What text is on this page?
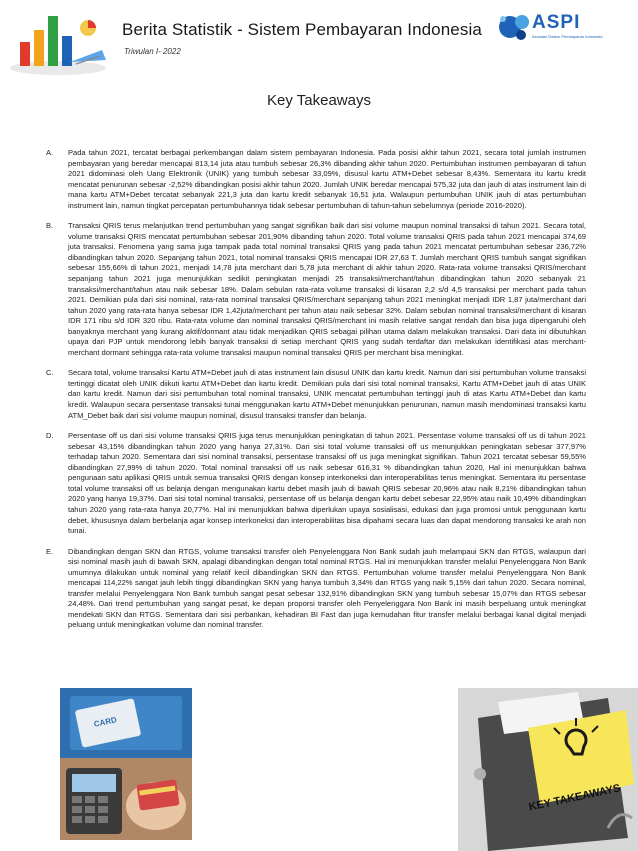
Berita Statistik - Sistem Pembayaran Indonesia
Triwulan I- 2022
ASPI
Asosiasi Sistem Pembayaran Indonesia
Key Takeaways
A.	Pada tahun 2021, tercatat berbagai perkembangan dalam sistem pembayaran Indonesia. Pada posisi akhir tahun 2021, secara total jumlah instrumen pembayaran yang beredar mencapai 813,14 juta atau tumbuh sebesar 26,3% dibanding akhir tahun 2020. Pertumbuhan instrumen pembayaran di tahun 2021 didominasi oleh Uang Elektronik (UNIK) yang tumbuh sebesar 33,09%, disusul kartu ATM+Debet sebesar 8,43%. Sementara itu kartu kredit mencatat penurunan sebesar -2,52% dibandingkan posisi akhir tahun 2020. Jumlah UNIK beredar mencapai 575,32 juta dan jauh di atas instrument lain di mana kartu ATM+Debet tercatat sebanyak 221,3 juta dan kartu kredit sebanyak 16,51 juta. Walaupun pertumbuhan UNIK jauh di atas pertumbuhan instrument lain, namun tingkat percepatan pertumbuhannya tidak sebesar pertumbuhan di tahun-tahun sebelumnya (periode 2016-2020).

B.	Transaksi QRIS terus melanjutkan trend pertumbuhan yang sangat signifikan baik dari sisi volume maupun nominal transaksi di tahun 2021. Secara total, volume transaksi QRIS mencatat pertumbuhan sebesar 201,90% dibanding tahun 2020. Total volume transaksi QRIS pada tahun 2021 mencapai 374,69 juta transaksi. Fenomena yang sama juga tampak pada total nominal transaksi QRIS yang pada tahun 2021 mencatat pertumbuhan sebesar 236,72% dibandingkan tahun 2020. Sepanjang tahun 2021, total nominal transaksi QRIS mencapai IDR 27,63 T. Jumlah merchant QRIS tumbuh sangat signifikan sebesar 155,66% di tahun 2021, menjadi 14,78 juta merchant dari 5,78 juta merchant di akhir tahun 2020. Rata-rata volume transaksi QRIS/merchant sepanjang tahun 2021 juga menunjukkan sedikit peningkatan menjadi 25 transaksi/merchant/tahun dibandingkan tahun 2020 sebanyak 21 transaksi/merchant/tahun atau naik sebesar 18%. Dalam sebulan rata-rata volume transaksi di kisaran 2,2 s/d 4,5 transaksi per merchant pada tahun 2021. Demikian pula dari sisi nominal, rata-rata nominal transaksi QRIS/merchant sepanjang tahun 2021 meningkat menjadi IDR 1,87 juta/merchant dari tahun 2020 yang rata-rata hanya sebesar IDR 1,42juta/merchant per tahun atau naik sebesar 32%. Dalam sebulan nominal transaksi/merchant di kisaran IDR 171 ribu s/d IDR 320 ribu. Rata-rata volume dan nominal transaksi QRIS/merchant ini masih relative sangat rendah dan bisa juga dipengaruhi oleh banyaknya merchant yang kurang aktif/dormant atau tidak menjadikan QRIS sebagai pilihan utama dalam melakukan transaksi. Dari data ini dibutuhkan upaya dari PJP untuk mendorong lebih banyak transaksi di setiap merchant QRIS yang sudah terdaftar dan melakukan identifikasi atas merchant-merchant dormant sehingga rata-rata volume transaksi maupun nominal transaksi QRIS per merchant bisa meningkat.

C.	Secara total, volume transaksi Kartu ATM+Debet jauh di atas instrument lain disusul UNIK dan kartu kredit. Namun dari sisi pertumbuhan volume transaksi tertinggi dicatat oleh UNIK diikuti kartu ATM+Debet dan kartu kredit. Demikian pula dari sisi total nominal transaksi, Kartu ATM+Debet jauh di atas UNIK dan kartu kredit. Namun dari sisi pertumbuhan total nominal transaksi, UNIK mencatat pertumbuhan tertinggi jauh di atas Kartu ATM+Debet dan kartu kredit. Walaupun secara persentase transaksi tunai menggunakan kartu ATM+Debet menunjukkan penurunan, namun masih mendominasi transaksi kartu ATM_Debet baik dari sisi volume maupun nominal, disusul transaksi transfer dan belanja.

D.	Persentase off us dari sisi volume transaksi QRIS juga terus menunjukkan peningkatan di tahun 2021. Persentase volume transaksi off us di tahun 2021 sebesar 43,15% dibandingkan tahun 2020 yang hanya 27,31%. Dari sisi total volume transaksi off us menunjukkan peningkatan sebesar 377,97% terhadap tahun 2020. Sementara dari sisi nominal transaksi, persentase transaksi off us juga meningkat signifikan. Tahun 2021 tercatat sebesar 59,55% dibandingkan 27,99% di tahun 2020. Total nominal transaksi off us naik sebesar 616,31 % dibandingkan tahun 2020, Hal ini menunjukkan bahwa pengunaan satu aplikasi QRIS untuk semua transaksi QRIS dengan konsep interkoneksi dan interoperabilitas terus meningkat. Sementara itu persentase total volume transaksi off us belanja dengan mengunakan kartu debet masih jauh di bawah QRIS sebesar 20,96% atau naik 8,21% dibandingkan tahun 2020 yang hanya 19,37%. Dari sisi total nominal transaksi, persentase off us belanja dengan kartu debet sebesar 22,95% atau naik 10,49% dibandingkan tahun 2020 yang rata-rata hanya 20,77%. Hal ini menunjukkan bahwa diperlukan upaya sosialisasi, edukasi dan juga promosi untuk penggunaan kartu debet, khususnya dalam berbelanja agar konsep interkoneksi dan interoperabilitas bisa dipahami secara luas dan dapat mendorong transaksi ke arah non tunai.

E.	Dibandingkan dengan SKN dan RTGS, volume transaksi transfer oleh Penyelenggara Non Bank sudah jauh melampaui SKN dan RTGS, walaupun dari sisi nominal masih jauh di bawah SKN, apalagi dibandingkan dengan total nominal RTGS. Hal ini menunjukkan transfer melalui Penyelenggara Non Bank umumnya dilakukan untuk nominal yang relatif kecil dibandingkan SKN dan RTGS. Pertumbuhan volume transfer melalui Penyelenggara Non Bank mencapai 114,22% sangat jauh lebih tinggi dibandingkan SKN yang hanya tumbuh 3,34% dan RTGS yang naik 5,15% dari tahun 2020. Secara nominal, transfer melalui Penyelenggara Non Bank tumbuh sangat pesat sebesar 132,91% dibandingkan SKN yang tumbuh sebesar 15,07% dan RTGS sebesar 24,48%. Dari trend pertumbuhan yang sangat pesat, ke depan proporsi transfer oleh Penyelenggara Non Bank ini masih berpeluang untuk meningkat mendekati SKN dan RTGS. Sementara dari sisi perbankan, kehadiran BI Fast dan juga kemudahan fitur transfer melalui berbagai kanal digital menjadi peluang untuk meningkatkan volume dan nominal transfer.

CARD
KEY TAKEAWAYS
